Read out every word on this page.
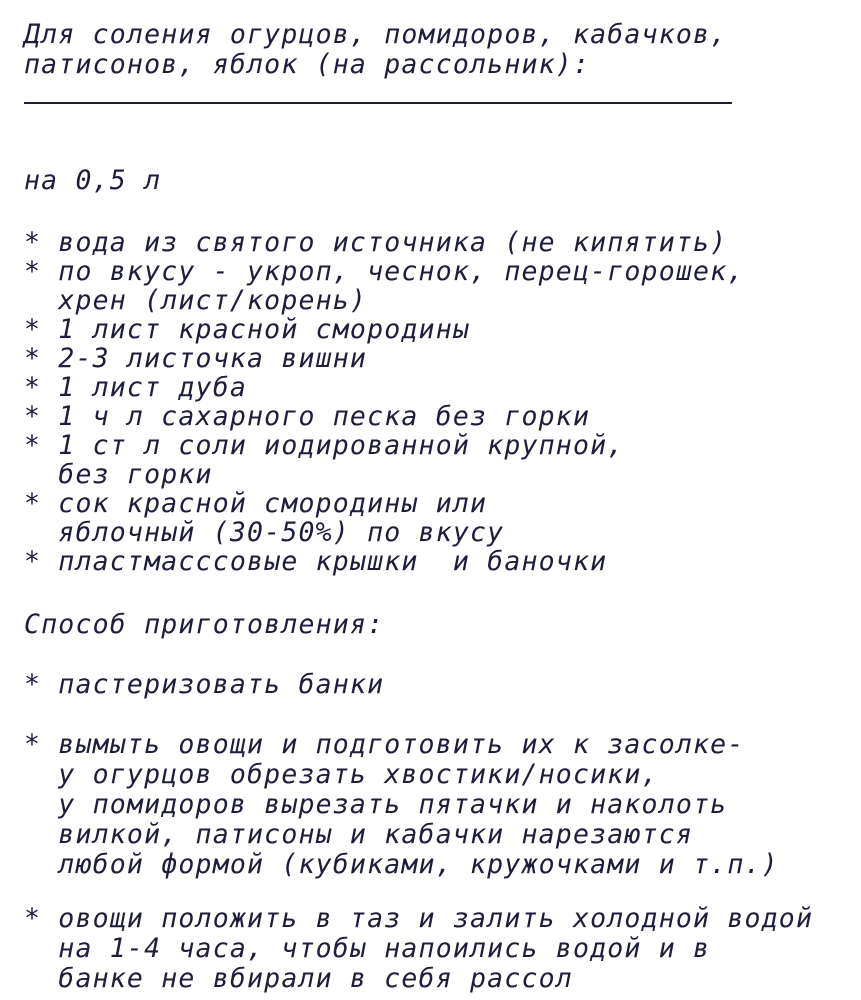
Для соления огурцов, помидоров, кабачков,
патисонов, яблок (на рассольник):
на 0,5 л
* вода из святого источника (не кипятить)
* по вкусу - укроп, чеснок, перец-горошек,
хрен (лист/корень)
* 1 лист красной смородины
* 2-3 листочка вишни
* 1 лист дуба
* 1 ч л сахарного песка без горки
* 1 ст л соли иодированной крупной,
без горки
* сок красной смородины или
яблочный (30-50%) по вкусу
* пластмасссовые крышки  и баночки
Способ приготовления:
* пастеризовать банки
* вымыть овощи и подготовить их к засолке-
у огурцов обрезать хвостики/носики,
у помидоров вырезать пятачки и наколоть
вилкой, патисоны и кабачки нарезаются
любой формой (кубиками, кружочками и т.п.)
* овощи положить в таз и залить холодной водой
на 1-4 часа, чтобы напоилиcь водой и в
банке не вбирали в себя рассол
